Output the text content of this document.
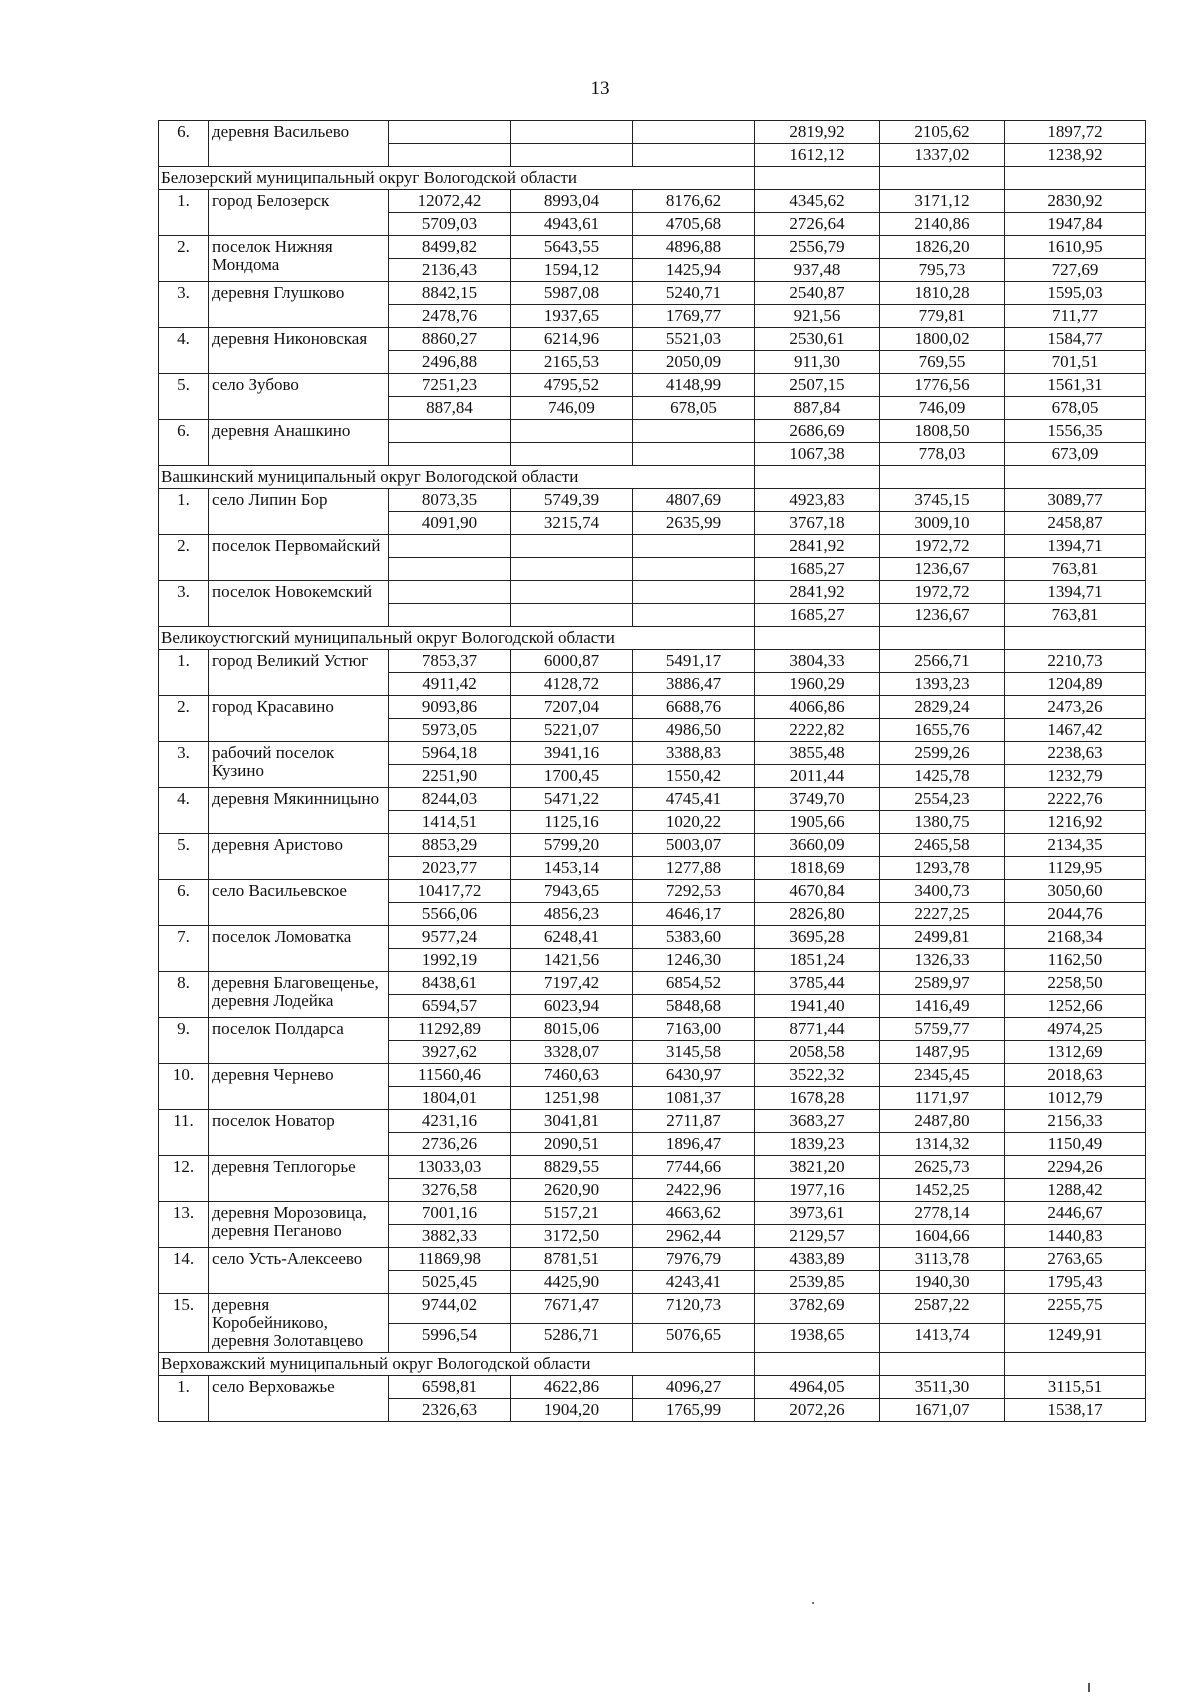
13
6.	деревня Васильево				2819,92	2105,62	1897,72
					1612,12	1337,02	1238,92
Белозерский муниципальный округ Вологодской области							
1.	город Белозерск	12072,42	8993,04	8176,62	4345,62	3171,12	2830,92
		5709,03	4943,61	4705,68	2726,64	2140,86	1947,84
2.	поселок Нижняя Мондома	8499,82	5643,55	4896,88	2556,79	1826,20	1610,95
		2136,43	1594,12	1425,94	937,48	795,73	727,69
3.	деревня Глушково	8842,15	5987,08	5240,71	2540,87	1810,28	1595,03
		2478,76	1937,65	1769,77	921,56	779,81	711,77
4.	деревня Никоновская	8860,27	6214,96	5521,03	2530,61	1800,02	1584,77
		2496,88	2165,53	2050,09	911,30	769,55	701,51
5.	село Зубово	7251,23	4795,52	4148,99	2507,15	1776,56	1561,31
		887,84	746,09	678,05	887,84	746,09	678,05
6.	деревня Анашкино				2686,69	1808,50	1556,35
					1067,38	778,03	673,09
Вашкинский муниципальный округ Вологодской области							
1.	село Липин Бор	8073,35	5749,39	4807,69	4923,83	3745,15	3089,77
		4091,90	3215,74	2635,99	3767,18	3009,10	2458,87
2.	поселок Первомайский				2841,92	1972,72	1394,71
					1685,27	1236,67	763,81
3.	поселок Новокемский				2841,92	1972,72	1394,71
					1685,27	1236,67	763,81
Великоустюгский муниципальный округ Вологодской области							
1.	город Великий Устюг	7853,37	6000,87	5491,17	3804,33	2566,71	2210,73
		4911,42	4128,72	3886,47	1960,29	1393,23	1204,89
2.	город Красавино	9093,86	7207,04	6688,76	4066,86	2829,24	2473,26
		5973,05	5221,07	4986,50	2222,82	1655,76	1467,42
3.	рабочий поселок Кузино	5964,18	3941,16	3388,83	3855,48	2599,26	2238,63
		2251,90	1700,45	1550,42	2011,44	1425,78	1232,79
4.	деревня Мякинницыно	8244,03	5471,22	4745,41	3749,70	2554,23	2222,76
		1414,51	1125,16	1020,22	1905,66	1380,75	1216,92
5.	деревня Аристово	8853,29	5799,20	5003,07	3660,09	2465,58	2134,35
		2023,77	1453,14	1277,88	1818,69	1293,78	1129,95
6.	село Васильевское	10417,72	7943,65	7292,53	4670,84	3400,73	3050,60
		5566,06	4856,23	4646,17	2826,80	2227,25	2044,76
7.	поселок Ломоватка	9577,24	6248,41	5383,60	3695,28	2499,81	2168,34
		1992,19	1421,56	1246,30	1851,24	1326,33	1162,50
8.	деревня Благовещенье, деревня Лодейка	8438,61	7197,42	6854,52	3785,44	2589,97	2258,50
		6594,57	6023,94	5848,68	1941,40	1416,49	1252,66
9.	поселок Полдарса	11292,89	8015,06	7163,00	8771,44	5759,77	4974,25
		3927,62	3328,07	3145,58	2058,58	1487,95	1312,69
10.	деревня Чернево	11560,46	7460,63	6430,97	3522,32	2345,45	2018,63
		1804,01	1251,98	1081,37	1678,28	1171,97	1012,79
11.	поселок Новатор	4231,16	3041,81	2711,87	3683,27	2487,80	2156,33
		2736,26	2090,51	1896,47	1839,23	1314,32	1150,49
12.	деревня Теплогорье	13033,03	8829,55	7744,66	3821,20	2625,73	2294,26
		3276,58	2620,90	2422,96	1977,16	1452,25	1288,42
13.	деревня Морозовица, деревня Пеганово	7001,16	5157,21	4663,62	3973,61	2778,14	2446,67
		3882,33	3172,50	2962,44	2129,57	1604,66	1440,83
14.	село Усть-Алексеево	11869,98	8781,51	7976,79	4383,89	3113,78	2763,65
		5025,45	4425,90	4243,41	2539,85	1940,30	1795,43
15.	деревня Коробейниково, деревня Золотавцево	9744,02	7671,47	7120,73	3782,69	2587,22	2255,75
		5996,54	5286,71	5076,65	1938,65	1413,74	1249,91
Верховажский муниципальный округ Вологодской области							
1.	село Верховажье	6598,81	4622,86	4096,27	4964,05	3511,30	3115,51
		2326,63	1904,20	1765,99	2072,26	1671,07	1538,17
